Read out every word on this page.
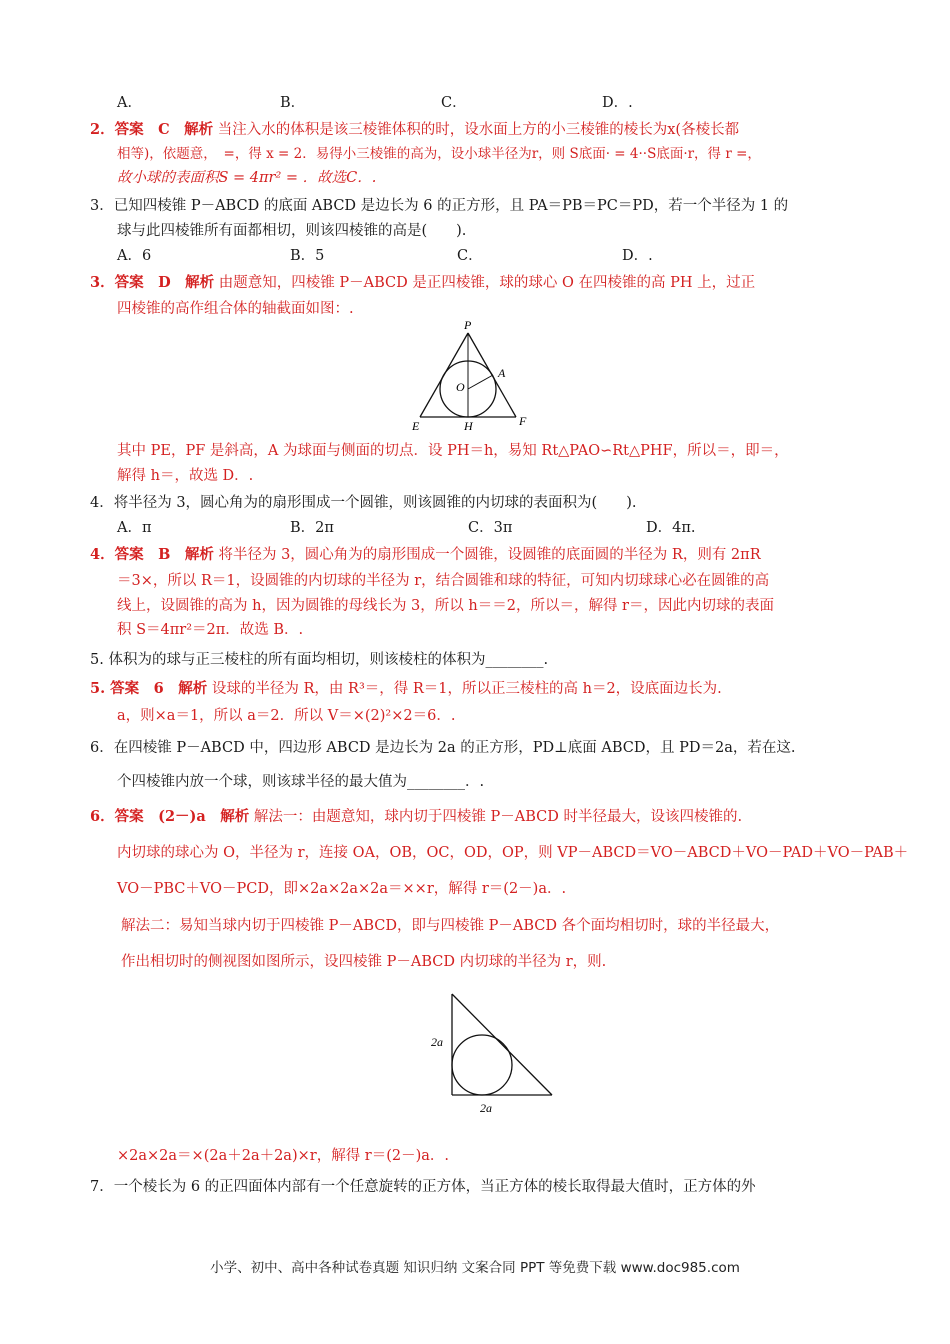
A．	B．	C．	D．.
2．答案　C　解析 当注入水的体积是该三棱锥体积的时，设水面上方的小三棱锥的棱长为x(各棱长都
相等)，依题意，　=，得 x = 2．易得小三棱锥的高为，设小球半径为r，则 S底面· = 4··S底面·r，得 r =，
故小球的表面积S = 4πr² = ．故选C．.
3．已知四棱锥 P－ABCD 的底面 ABCD 是边长为 6 的正方形，且 PA＝PB＝PC＝PD，若一个半径为 1 的
球与此四棱锥所有面都相切，则该四棱锥的高是(　　).
A．6	B．5	C．	D．.
3．答案　D　解析 由题意知，四棱锥 P－ABCD 是正四棱锥，球的球心 O 在四棱锥的高 PH 上，过正
四棱锥的高作组合体的轴截面如图：.
P
A
O
E	H	F
其中 PE，PF 是斜高，A 为球面与侧面的切点．设 PH＝h，易知 Rt△PAO∽Rt△PHF，所以＝，即＝，
解得 h＝，故选 D．.
4．将半径为 3，圆心角为的扇形围成一个圆锥，则该圆锥的内切球的表面积为(　　).
A．π	B．2π	C．3π	D．4π.
4．答案　B　解析 将半径为 3，圆心角为的扇形围成一个圆锥，设圆锥的底面圆的半径为 R，则有 2πR
＝3×，所以 R＝1，设圆锥的内切球的半径为 r，结合圆锥和球的特征，可知内切球球心必在圆锥的高
线上，设圆锥的高为 h，因为圆锥的母线长为 3，所以 h＝＝2，所以＝，解得 r＝，因此内切球的表面
积 S＝4πr²＝2π．故选 B．.
5. 体积为的球与正三棱柱的所有面均相切，则该棱柱的体积为________.
5. 答案　6　解析 设球的半径为 R，由 R³＝，得 R＝1，所以正三棱柱的高 h＝2，设底面边长为.
a，则×a＝1，所以 a＝2．所以 V＝×(2)²×2＝6．.
6．在四棱锥 P－ABCD 中，四边形 ABCD 是边长为 2a 的正方形，PD⊥底面 ABCD，且 PD＝2a，若在这.
个四棱锥内放一个球，则该球半径的最大值为________．.
6．答案　(2－)a　解析 解法一：由题意知，球内切于四棱锥 P－ABCD 时半径最大，设该四棱锥的.
内切球的球心为 O，半径为 r，连接 OA，OB，OC，OD，OP，则 VP－ABCD＝VO－ABCD＋VO－PAD＋VO－PAB＋
VO－PBC＋VO－PCD，即×2a×2a×2a＝××r，解得 r＝(2－)a．.
解法二：易知当球内切于四棱锥 P－ABCD，即与四棱锥 P－ABCD 各个面均相切时，球的半径最大，
作出相切时的侧视图如图所示，设四棱锥 P－ABCD 内切球的半径为 r，则.
2a
2a
×2a×2a＝×(2a＋2a＋2a)×r，解得 r＝(2－)a．.
7．一个棱长为 6 的正四面体内部有一个任意旋转的正方体，当正方体的棱长取得最大值时，正方体的外
小学、初中、高中各种试卷真题 知识归纳 文案合同 PPT 等免费下载 www.doc985.com
